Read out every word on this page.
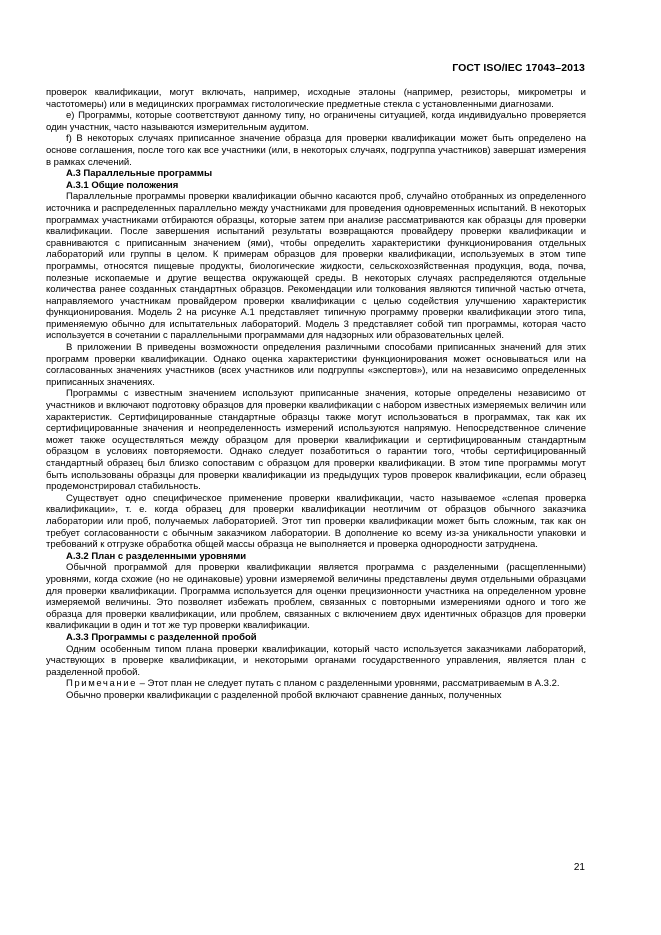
ГОСТ ISO/IEC 17043–2013

проверок квалификации, могут включать, например, исходные эталоны (например, резисторы, микрометры и частотомеры) или в медицинских программах гистологические предметные стекла с установленными диагнозами.

e) Программы, которые соответствуют данному типу, но ограничены ситуацией, когда индивидуально проверяется один участник, часто называются измерительным аудитом.

f) В некоторых случаях приписанное значение образца для проверки квалификации может быть определено на основе соглашения, после того как все участники (или, в некоторых случаях, подгруппа участников) завершат измерения в рамках слечений.

А.3 Параллельные программы
А.3.1 Общие положения

Параллельные программы проверки квалификации обычно касаются проб, случайно отобранных из определенного источника и распределенных параллельно между участниками для проведения одновременных испытаний. В некоторых программах участниками отбираются образцы, которые затем при анализе рассматриваются как образцы для проверки квалификации. После завершения испытаний результаты возвращаются провайдеру проверки квалификации и сравниваются с приписанным значением (ями), чтобы определить характеристики функционирования отдельных лабораторий или группы в целом. К примерам образцов для проверки квалификации, используемых в этом типе программы, относятся пищевые продукты, биологические жидкости, сельскохозяйственная продукция, вода, почва, полезные ископаемые и другие вещества окружающей среды. В некоторых случаях распределяются отдельные количества ранее созданных стандартных образцов. Рекомендации или толкования являются типичной частью отчета, направляемого участникам провайдером проверки квалификации с целью содействия улучшению характеристик функционирования. Модель 2 на рисунке А.1 представляет типичную программу проверки квалификации этого типа, применяемую обычно для испытательных лабораторий. Модель 3 представляет собой тип программы, которая часто используется в сочетании с параллельными программами для надзорных или образовательных целей.

В приложении В приведены возможности определения различными способами приписанных значений для этих программ проверки квалификации. Однако оценка характеристики функционирования может основываться или на согласованных значениях участников (всех участников или подгруппы «экспертов»), или на независимо определенных приписанных значениях.

Программы с известным значением используют приписанные значения, которые определены независимо от участников и включают подготовку образцов для проверки квалификации с набором известных измеряемых величин или характеристик. Сертифицированные стандартные образцы также могут использоваться в программах, так как их сертифицированные значения и неопределенность измерений используются напрямую. Непосредственное сличение может также осуществляться между образцом для проверки квалификации и сертифицированным стандартным образцом в условиях повторяемости. Однако следует позаботиться о гарантии того, чтобы сертифицированный стандартный образец был близко сопоставим с образцом для проверки квалификации. В этом типе программы могут быть использованы образцы для проверки квалификации из предыдущих туров проверок квалификации, если образец продемонстрировал стабильность.

Существует одно специфическое применение проверки квалификации, часто называемое «слепая проверка квалификации», т. е. когда образец для проверки квалификации неотличим от образцов обычного заказчика лаборатории или проб, получаемых лабораторией. Этот тип проверки квалификации может быть сложным, так как он требует согласованности с обычным заказчиком лаборатории. В дополнение ко всему из-за уникальности упаковки и требований к отгрузке обработка общей массы образца не выполняется и проверка однородности затруднена.

А.3.2 План с разделенными уровнями

Обычной программой для проверки квалификации является программа с разделенными (расщепленными) уровнями, когда схожие (но не одинаковые) уровни измеряемой величины представлены двумя отдельными образцами для проверки квалификации. Программа используется для оценки прецизионности участника на определенном уровне измеряемой величины. Это позволяет избежать проблем, связанных с повторными измерениями одного и того же образца для проверки квалификации, или проблем, связанных с включением двух идентичных образцов для проверки квалификации в один и тот же тур проверки квалификации.

А.3.3 Программы с разделенной пробой

Одним особенным типом плана проверки квалификации, который часто используется заказчиками лабораторий, участвующих в проверке квалификации, и некоторыми органами государственного управления, является план с разделенной пробой.

Примечание – Этот план не следует путать с планом с разделенными уровнями, рассматриваемым в А.3.2.

Обычно проверки квалификации с разделенной пробой включают сравнение данных, полученных

21
